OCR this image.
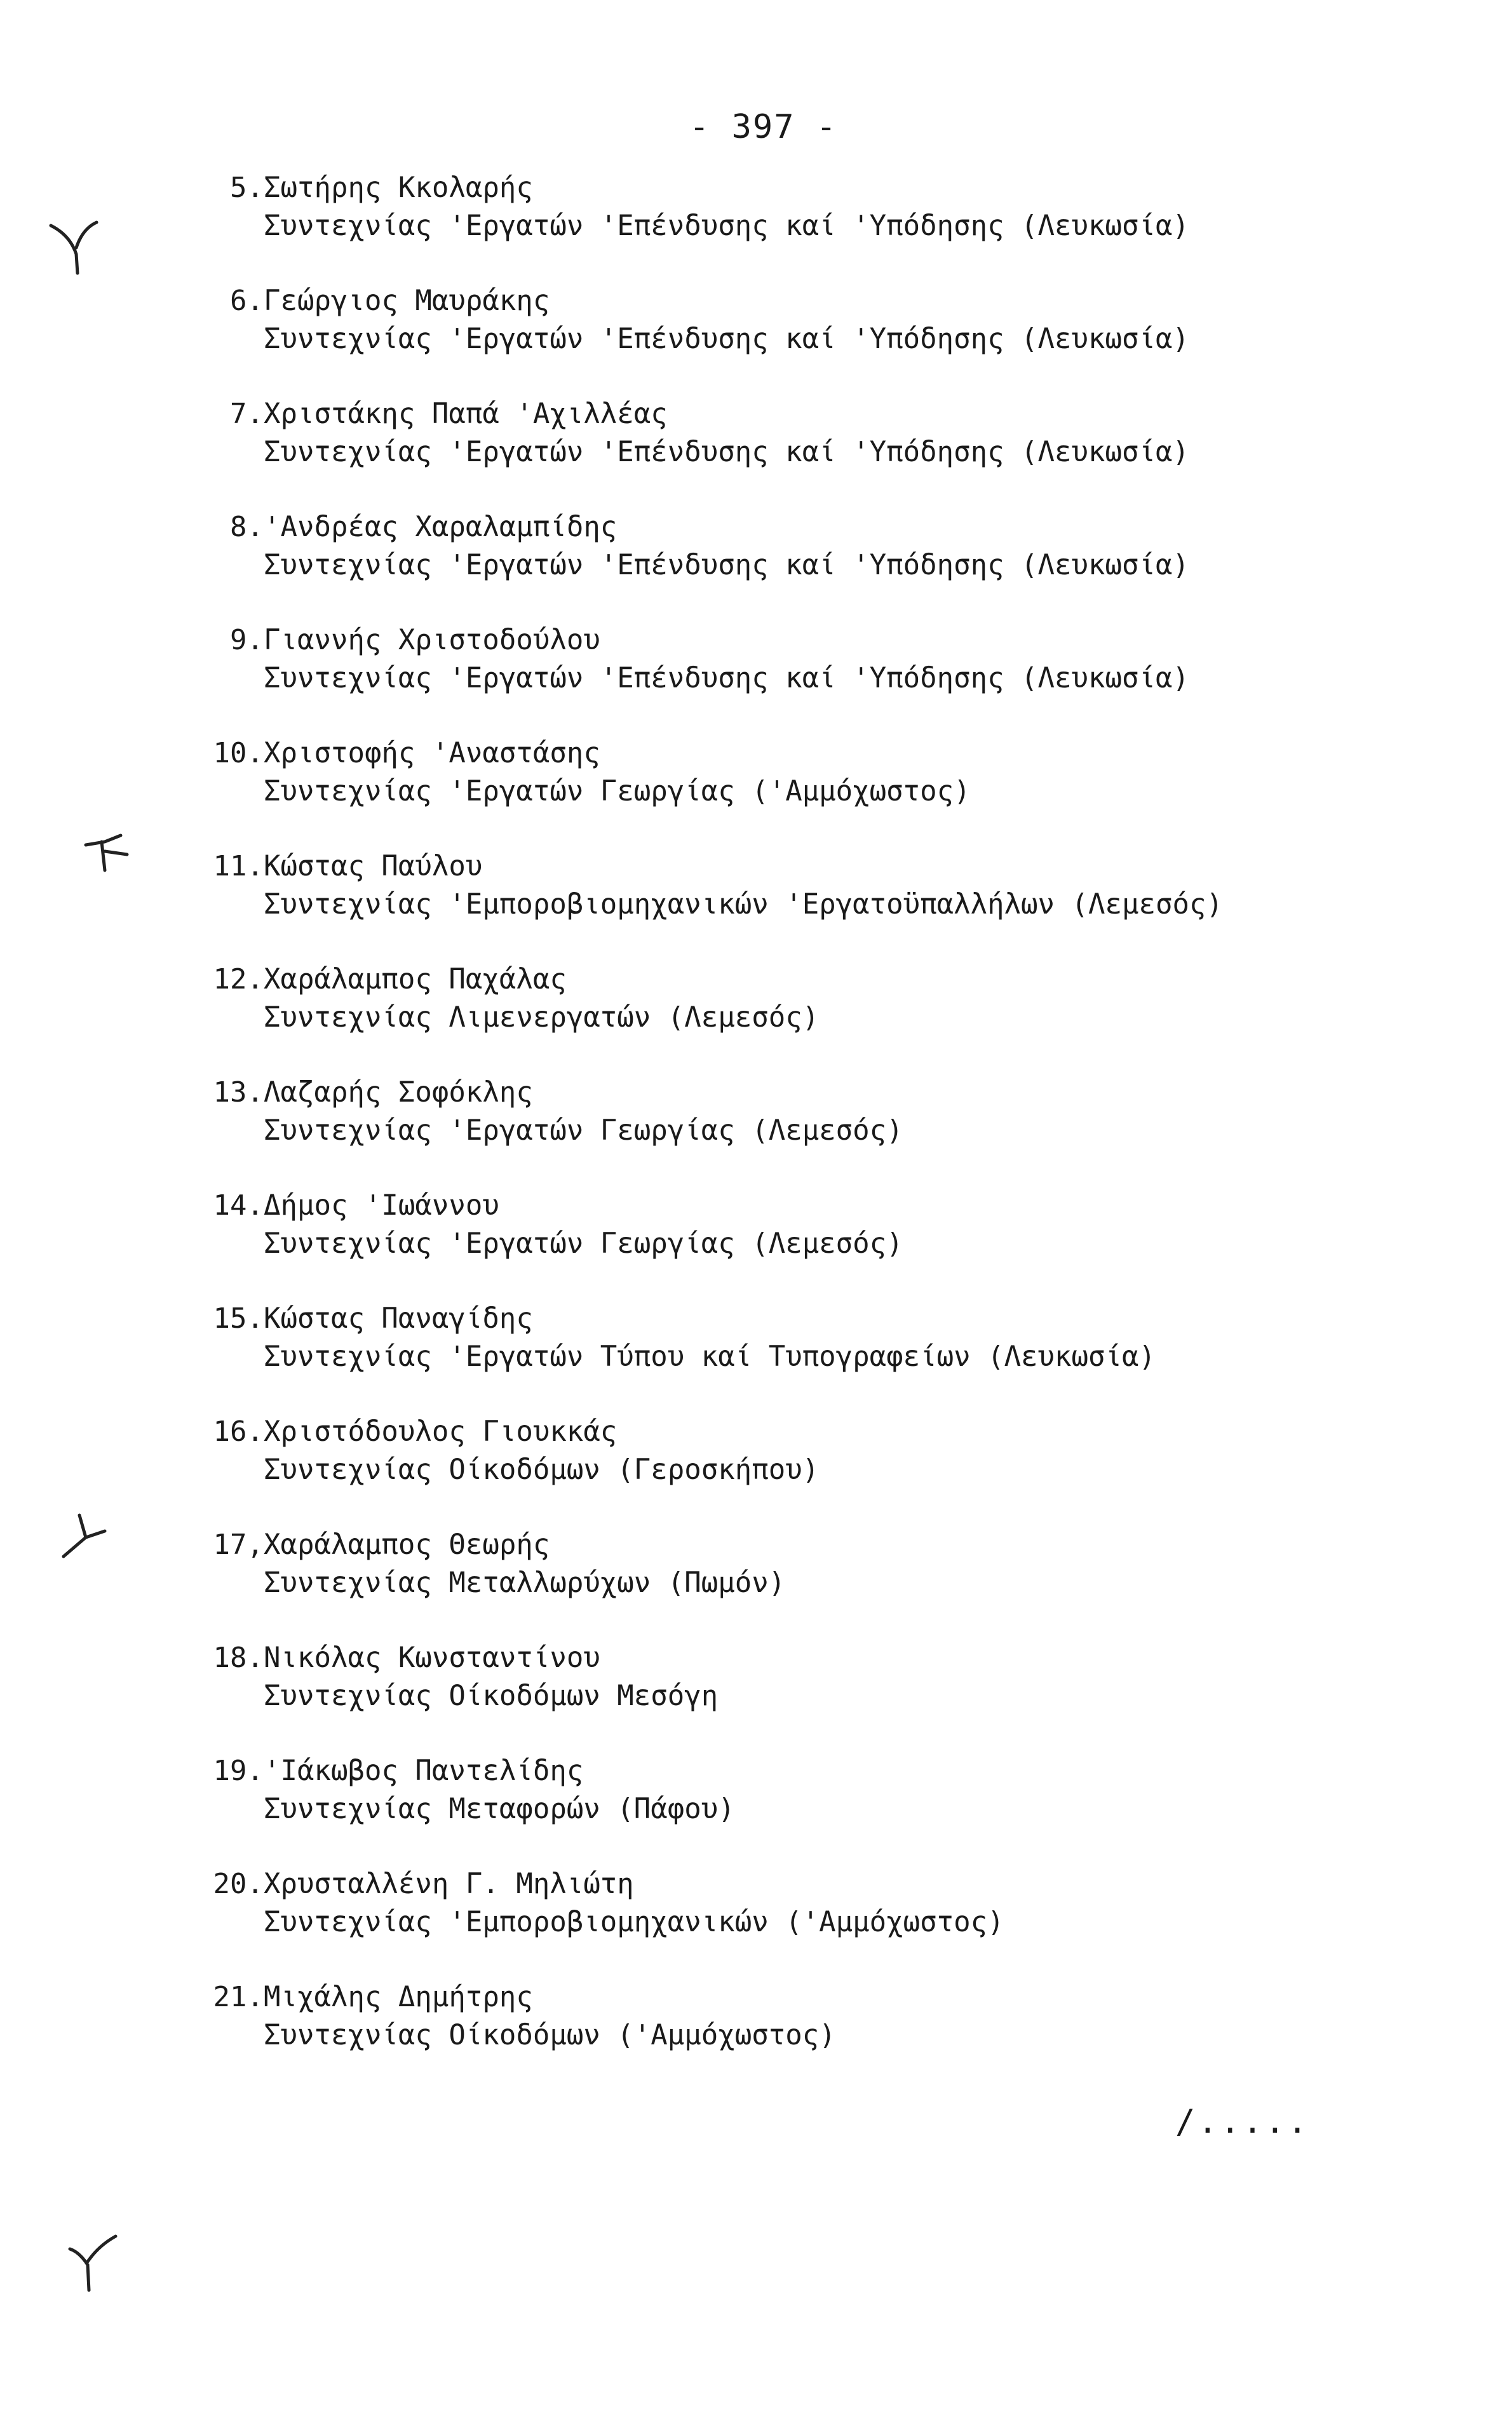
- 397 -
5. Σωτήρης Κκολαρής
Συντεχνίας 'Εργατών 'Επένδυσης καί 'Υπόδησης (Λευκωσία)
6. Γεώργιος Μαυράκης
Συντεχνίας 'Εργατών 'Επένδυσης καί 'Υπόδησης (Λευκωσία)
7. Χριστάκης Παπά 'Αχιλλέας
Συντεχνίας 'Εργατών 'Επένδυσης καί 'Υπόδησης (Λευκωσία)
8. 'Ανδρέας Χαραλαμπίδης
Συντεχνίας 'Εργατών 'Επένδυσης καί 'Υπόδησης (Λευκωσία)
9. Γιαννής Χριστοδούλου
Συντεχνίας 'Εργατών 'Επένδυσης καί 'Υπόδησης (Λευκωσία)
10. Χριστοφής 'Αναστάσης
Συντεχνίας 'Εργατών Γεωργίας ('Αμμόχωστος)
11. Κώστας Παύλου
Συντεχνίας 'Εμποροβιομηχανικών 'Εργατοϋπαλλήλων (Λεμεσός)
12. Χαράλαμπος Παχάλας
Συντεχνίας Λιμενεργατών (Λεμεσός)
13. Λαζαρής Σοφόκλης
Συντεχνίας 'Εργατών Γεωργίας (Λεμεσός)
14. Δήμος 'Ιωάννου
Συντεχνίας 'Εργατών Γεωργίας (Λεμεσός)
15. Κώστας Παναγίδης
Συντεχνίας 'Εργατών Τύπου καί Τυπογραφείων (Λευκωσία)
16. Χριστόδουλος Γιουκκάς
Συντεχνίας Οίκοδόμων (Γεροσκήπου)
17, Χαράλαμπος Θεωρής
Συντεχνίας Μεταλλωρύχων (Πωμόν)
18. Νικόλας Κωνσταντίνου
Συντεχνίας Οίκοδόμων Μεσόγη
19. 'Ιάκωβος Παντελίδης
Συντεχνίας Μεταφορών (Πάφου)
20. Χρυσταλλένη Γ. Μηλιώτη
Συντεχνίας 'Εμποροβιομηχανικών ('Αμμόχωστος)
21. Μιχάλης Δημήτρης
Συντεχνίας Οίκοδόμων ('Αμμόχωστος)
/.....
